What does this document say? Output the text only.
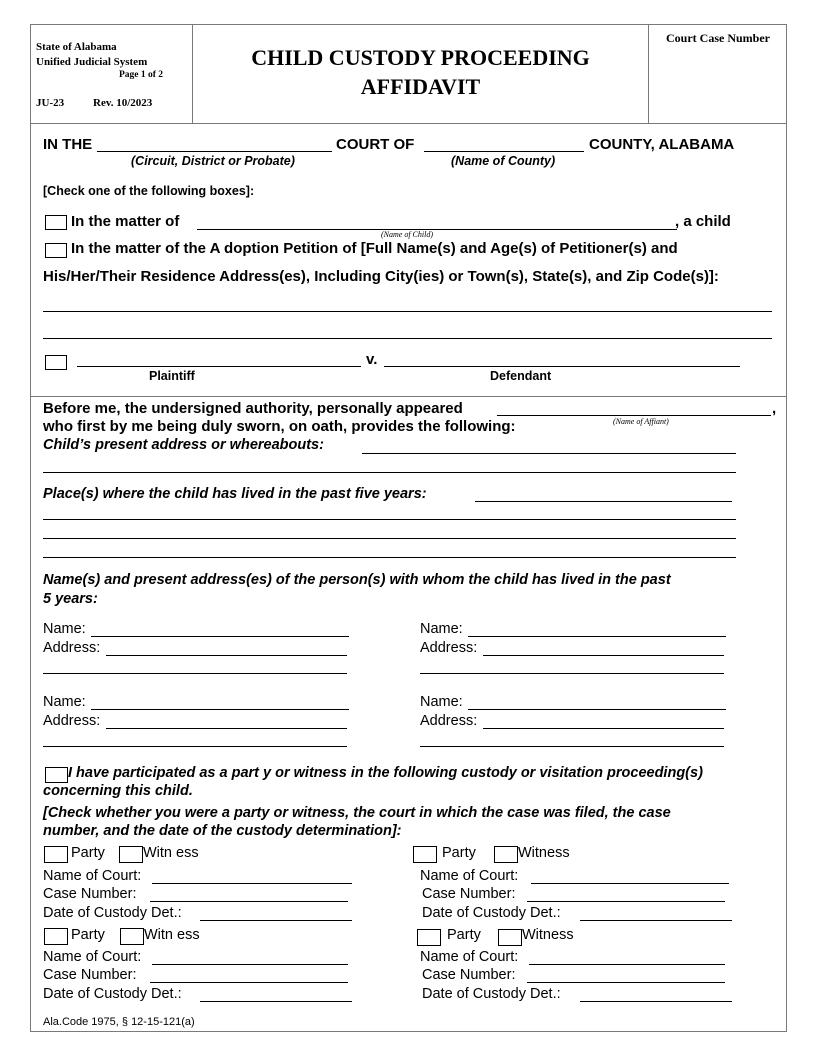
State of Alabama
Unified Judicial System
Page 1 of 2
JU-23	Rev. 10/2023
CHILD CUSTODY PROCEEDING
AFFIDAVIT
Court Case Number
IN THE	COURT OF	COUNTY, ALABAMA
(Circuit, District or Probate)	(Name of County)
[Check one of the following boxes]:
In the matter of
(Name of Child)
, a child
In the matter of the A doption Petition of [Full Name(s) and Age(s) of Petitioner(s) and
His/Her/Their Residence Address(es), Including City(ies) or Town(s), State(s), and Zip Code(s)]:
v.
Plaintiff	Defendant
Before me, the undersigned authority, personally appeared	,
(Name of Affiant)
who first by me being duly sworn, on oath, provides the following:
Child’s present address or whereabouts:
Place(s) where the child has lived in the past five years:
Name(s) and present address(es) of the person(s) with whom the child has lived in the past
5 years:
Name:
Address:
Name:
Address:
Name:
Address:
Name:
Address:
I have participated as a part y or witness in the following custody or visitation proceeding(s)
concerning this child.
[Check whether you were a party or witness, the court in which the case was filed, the case
number, and the date of the custody determination]:
Party	Witn ess
Name of Court:
Case Number:
Date of Custody Det.:
Party	Witness
Name of Court:
Case Number:
Date of Custody Det.:
Party	Witn ess
Name of Court:
Case Number:
Date of Custody Det.:
Party	Witness
Name of Court:
Case Number:
Date of Custody Det.:
Ala.Code 1975, § 12-15-121(a)
